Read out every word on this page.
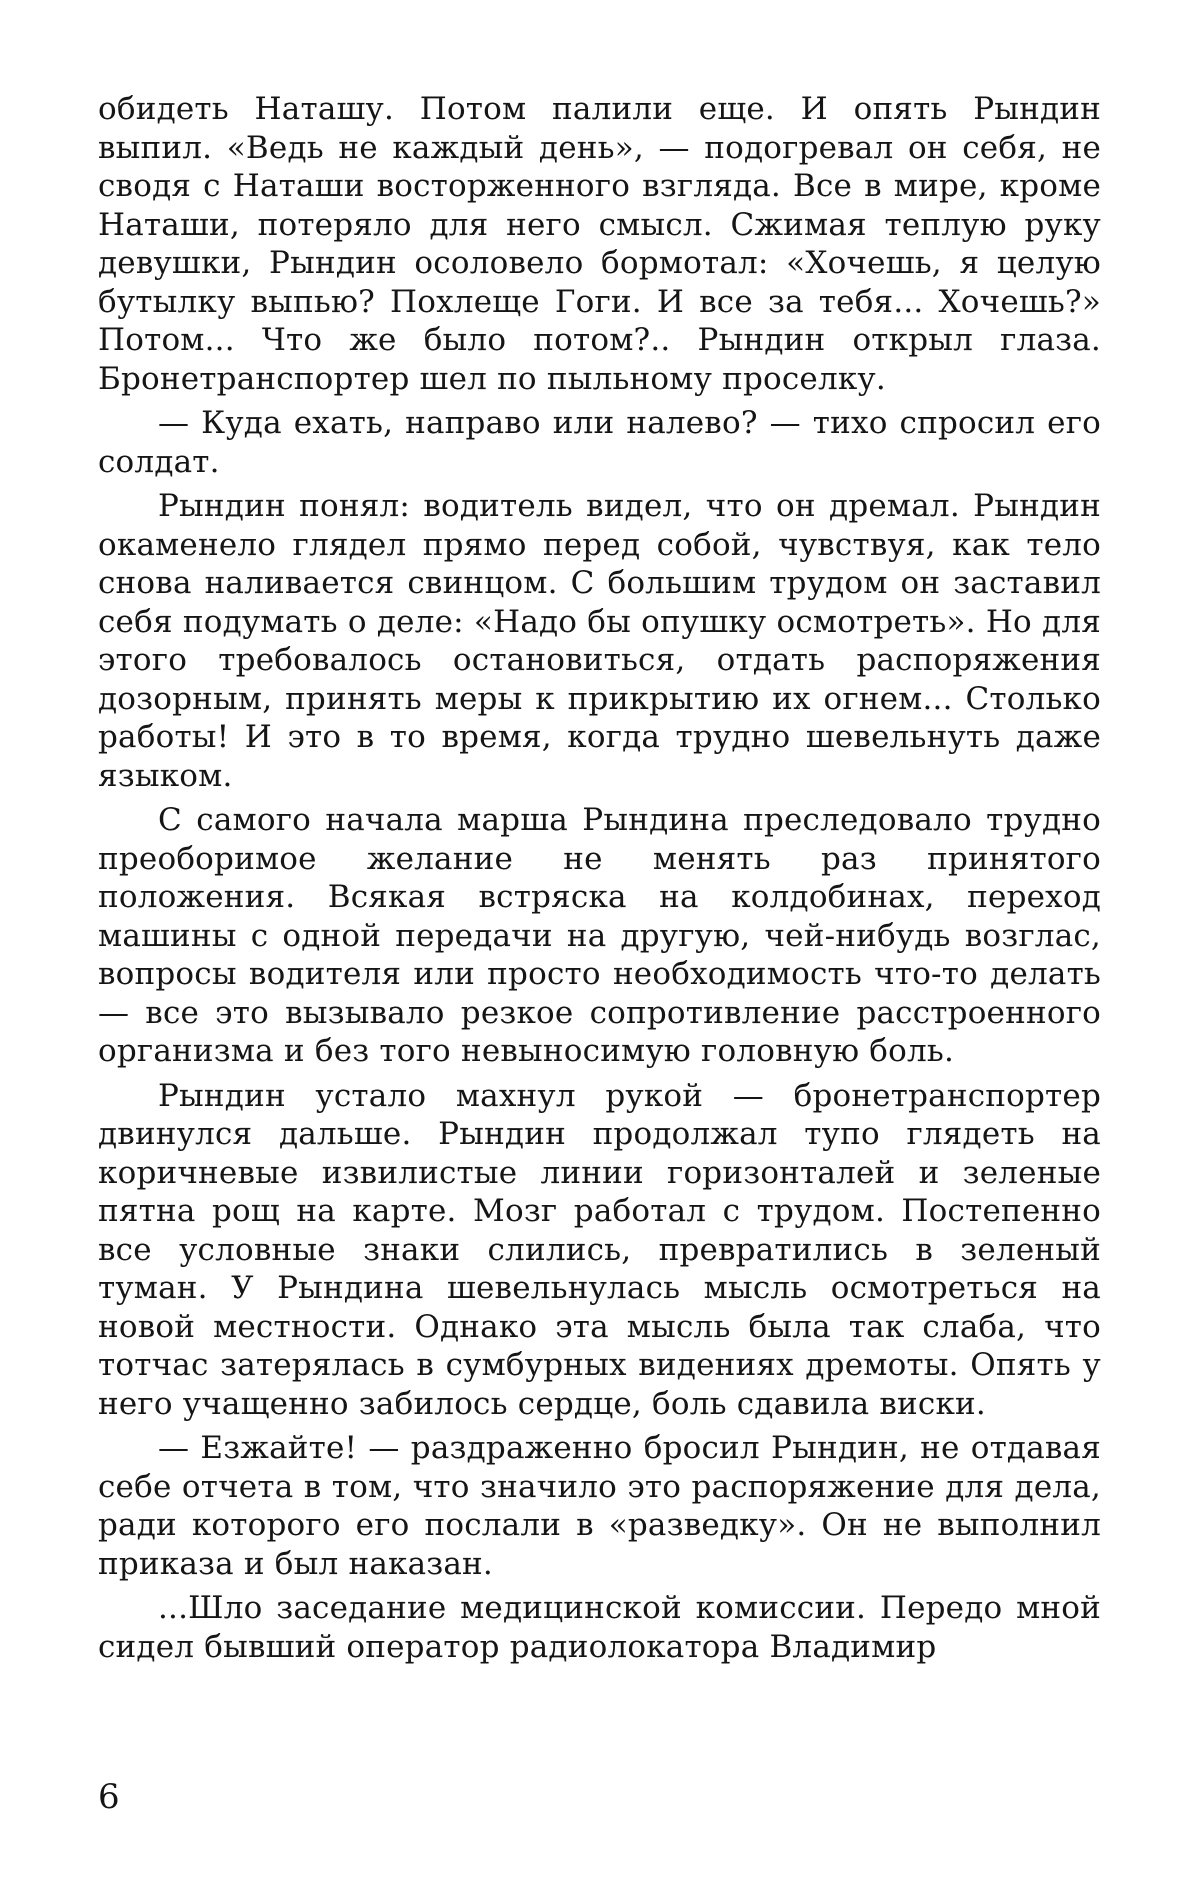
обидеть Наташу. Потом палили еще. И опять Рындин выпил. «Ведь не каждый день», — подогревал он себя, не сводя с Наташи восторженного взгляда. Все в мире, кроме Наташи, потеряло для него смысл. Сжимая теплую руку девушки, Рындин осоловело бормотал: «Хочешь, я целую бутылку выпью? Похлеще Гоги. И все за тебя... Хочешь?» Потом... Что же было потом?.. Рындин открыл глаза. Бронетранспортер шел по пыльному проселку.

— Куда ехать, направо или налево? — тихо спросил его солдат.

Рындин понял: водитель видел, что он дремал. Рындин окаменело глядел прямо перед собой, чувствуя, как тело снова наливается свинцом. С большим трудом он заставил себя подумать о деле: «Надо бы опушку осмотреть». Но для этого требовалось остановиться, отдать распоряжения дозорным, принять меры к прикрытию их огнем... Столько работы! И это в то время, когда трудно шевельнуть даже языком.

С самого начала марша Рындина преследовало трудно преоборимое желание не менять раз принятого положения. Всякая встряска на колдобинах, переход машины с одной передачи на другую, чей-нибудь возглас, вопросы водителя или просто необходимость что-то делать — все это вызывало резкое сопротивление расстроенного организма и без того невыносимую головную боль.

Рындин устало махнул рукой — бронетранспортер двинулся дальше. Рындин продолжал тупо глядеть на коричневые извилистые линии горизонталей и зеленые пятна рощ на карте. Мозг работал с трудом. Постепенно все условные знаки слились, превратились в зеленый туман. У Рындина шевельнулась мысль осмотреться на новой местности. Однако эта мысль была так слаба, что тотчас затерялась в сумбурных видениях дремоты. Опять у него учащенно забилось сердце, боль сдавила виски.

— Езжайте! — раздраженно бросил Рындин, не отдавая себе отчета в том, что значило это распоряжение для дела, ради которого его послали в «разведку». Он не выполнил приказа и был наказан.

...Шло заседание медицинской комиссии. Передо мной сидел бывший оператор радиолокатора Владимир

6
